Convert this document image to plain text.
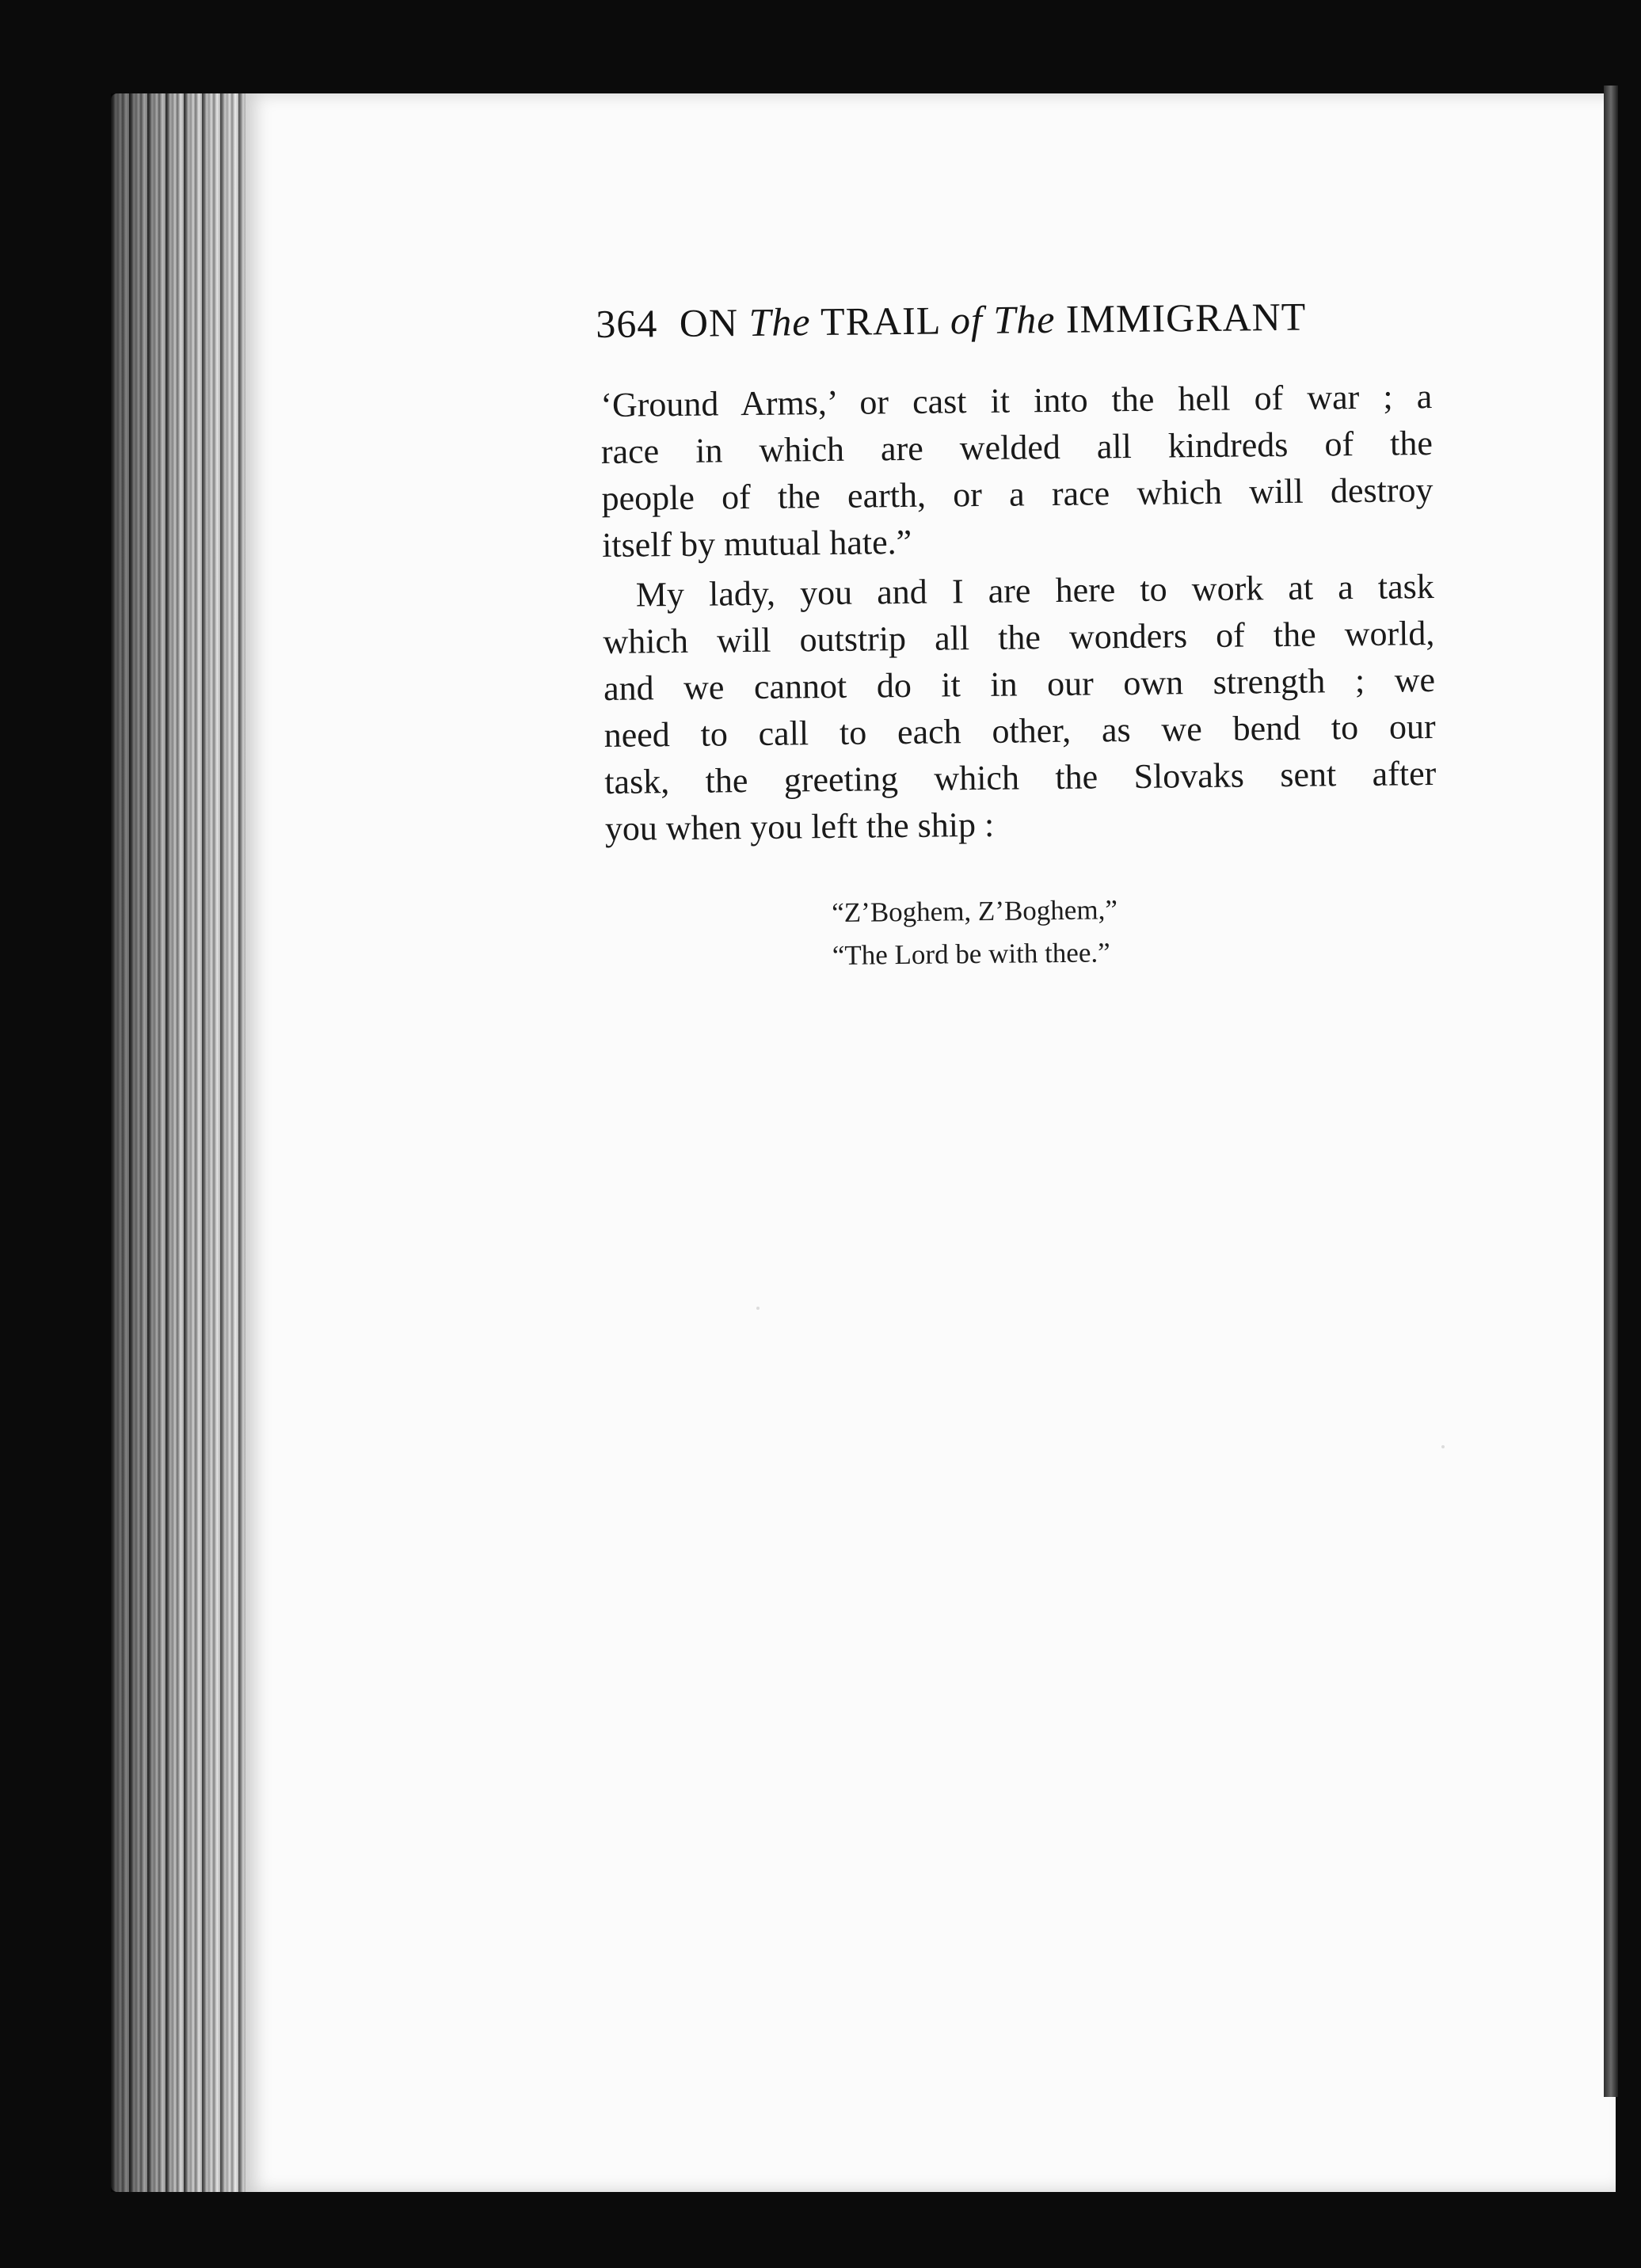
364 ON The TRAIL of The IMMIGRANT
‘Ground Arms,’ or cast it into the hell of war ; a
race in which are welded all kindreds of the
people of the earth, or a race which will destroy
itself by mutual hate.”
My lady, you and I are here to work at a task
which will outstrip all the wonders of the world,
and we cannot do it in our own strength ; we
need to call to each other, as we bend to our
task, the greeting which the Slovaks sent after
you when you left the ship :
“Z’Boghem, Z’Boghem,”
“The Lord be with thee.”
